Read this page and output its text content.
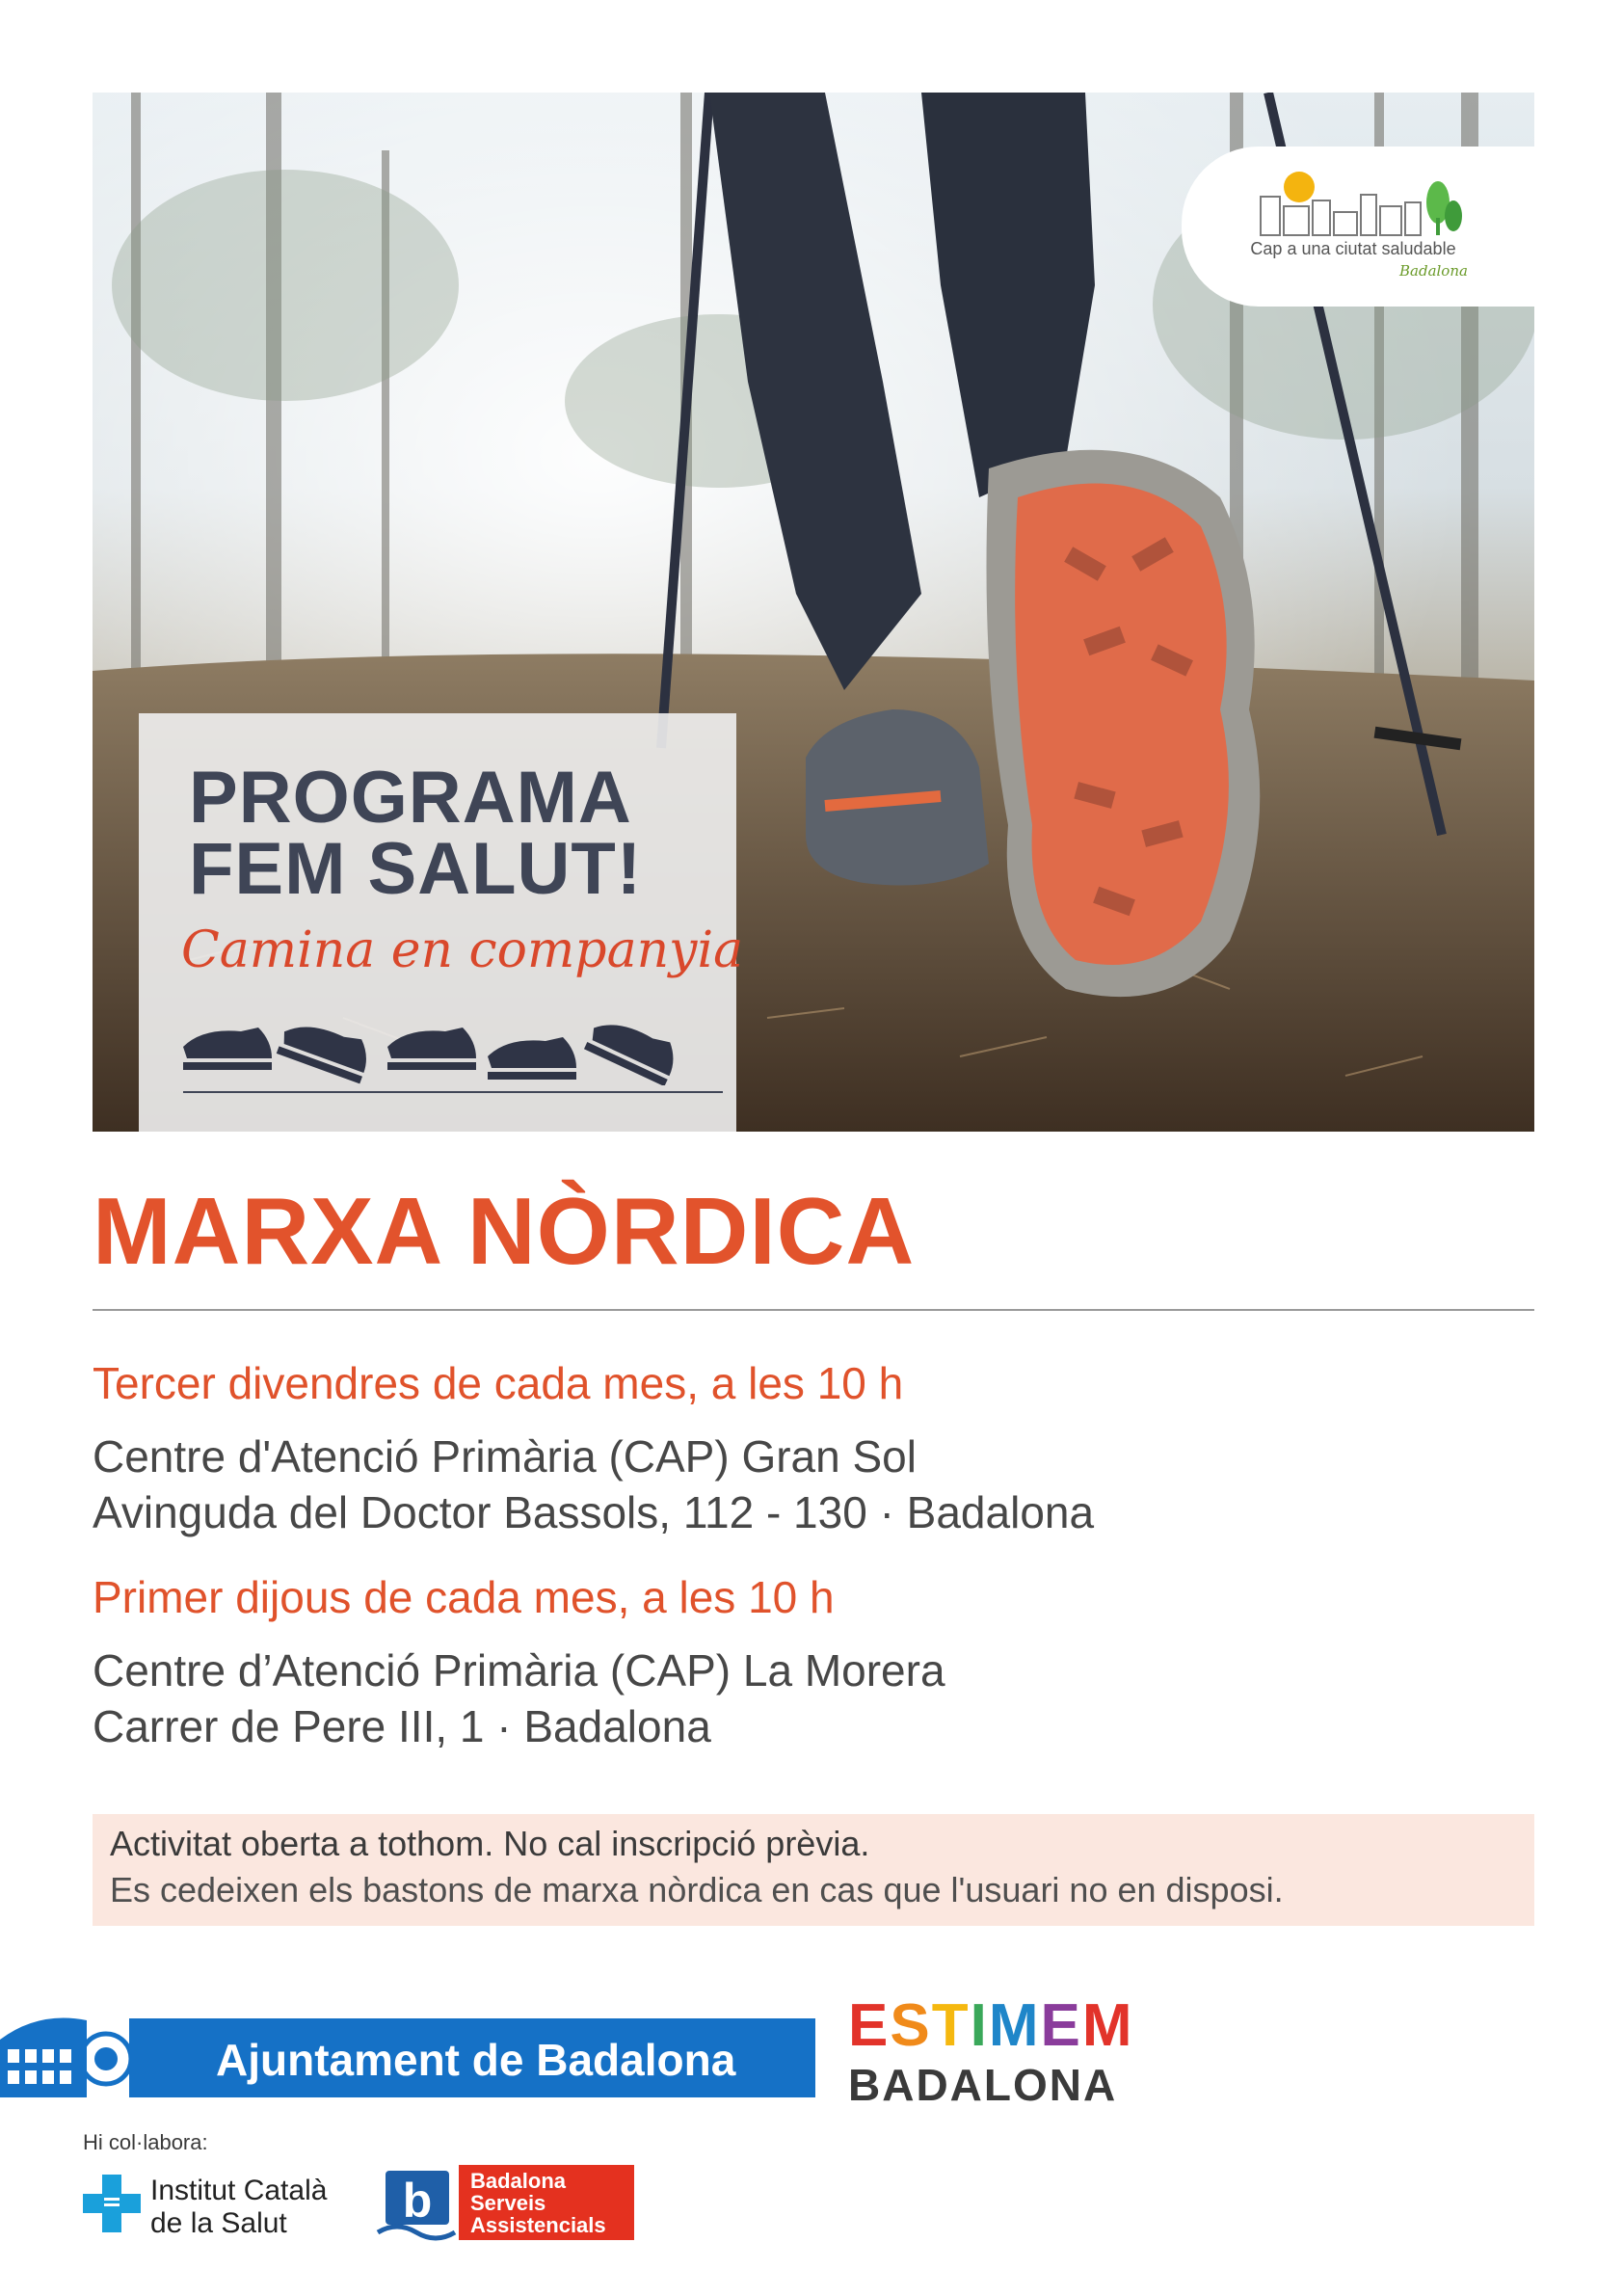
Cap a una ciutat saludable
Badalona
PROGRAMA
FEM SALUT!
Camina en companyia
MARXA NÒRDICA
Tercer divendres de cada mes, a les 10 h
Centre d'Atenció Primària (CAP) Gran Sol
Avinguda del Doctor Bassols, 112 - 130 · Badalona
Primer dijous de cada mes, a les 10 h
Centre d’Atenció Primària (CAP) La Morera
Carrer de Pere III, 1 · Badalona
Activitat oberta a tothom. No cal inscripció prèvia.
Es cedeixen els bastons de marxa nòrdica en cas que l'usuari no en disposi.
Ajuntament de Badalona
ESTIMEM
BADALONA
Hi col·labora:
Institut Català
de la Salut	b Badalona
Serveis
Assistencials
